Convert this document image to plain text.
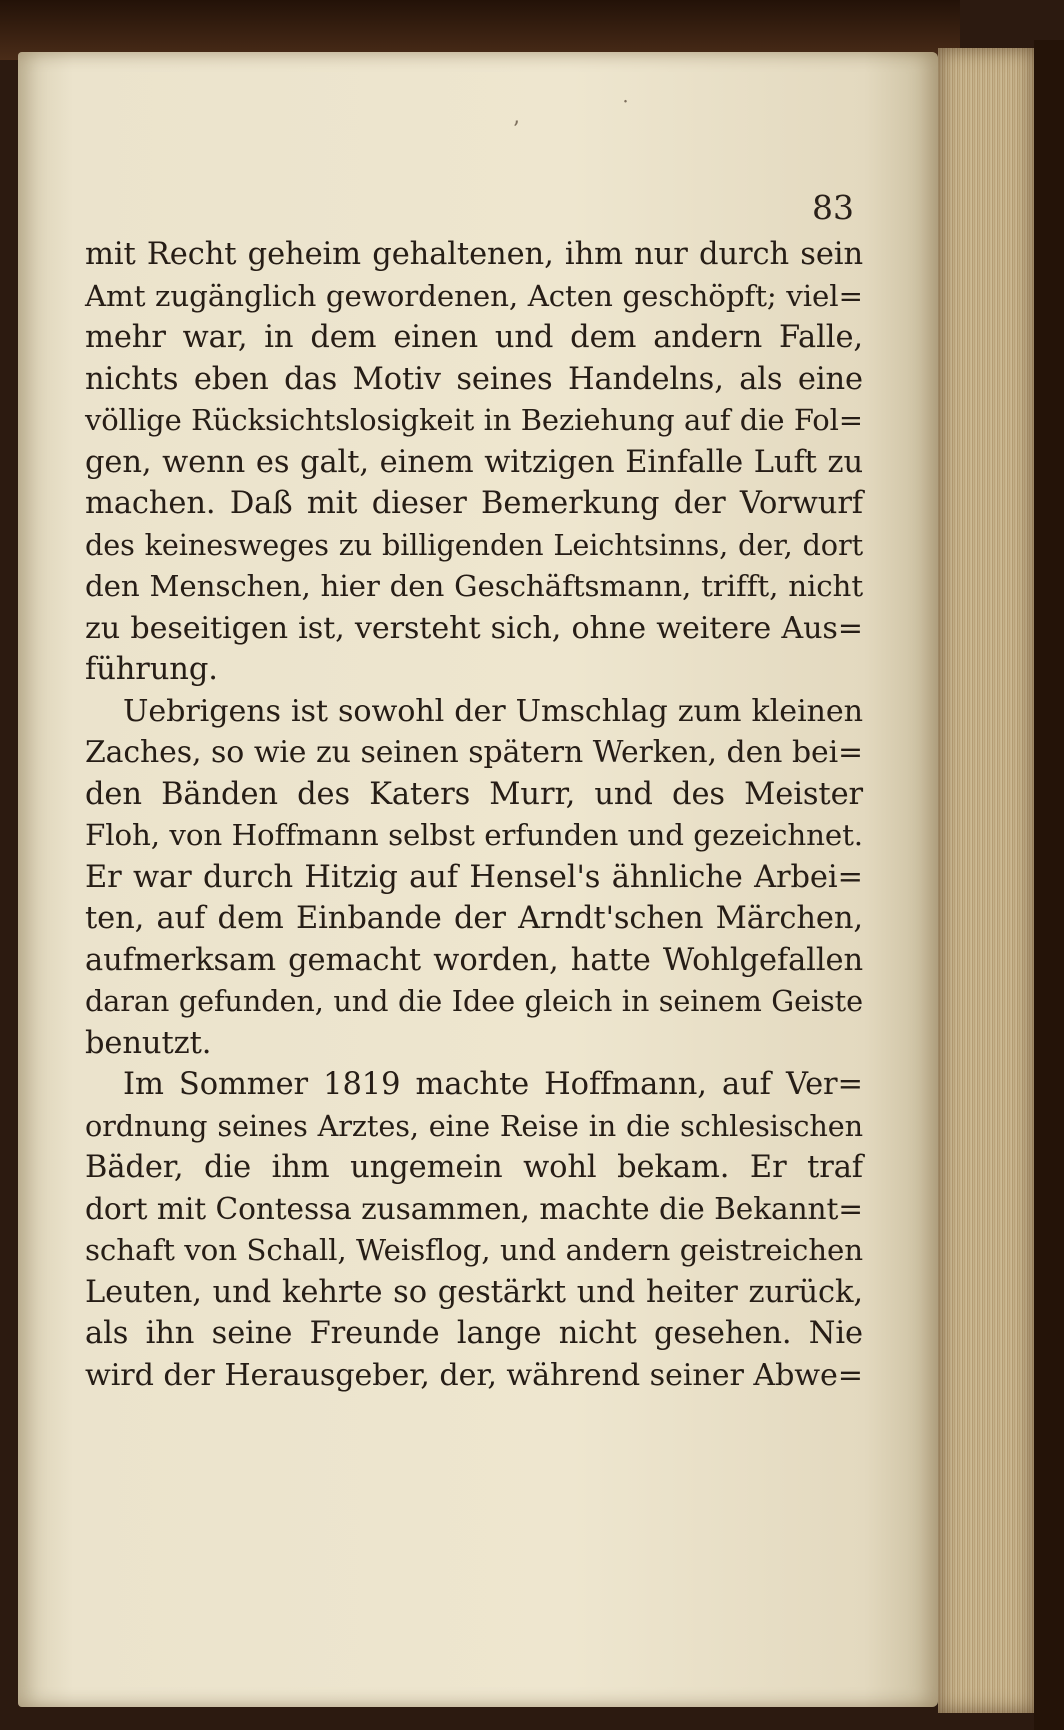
ʼ
˙
83
mit Recht geheim gehaltenen, ihm nur durch sein
Amt zugänglich gewordenen, Acten geschöpft; viel=
mehr war, in dem einen und dem andern Falle,
nichts eben das Motiv seines Handelns, als eine
völlige Rücksichtslosigkeit in Beziehung auf die Fol=
gen, wenn es galt, einem witzigen Einfalle Luft zu
machen. Daß mit dieser Bemerkung der Vorwurf
des keinesweges zu billigenden Leichtsinns, der, dort
den Menschen, hier den Geschäftsmann, trifft, nicht
zu beseitigen ist, versteht sich, ohne weitere Aus=
führung.
Uebrigens ist sowohl der Umschlag zum kleinen
Zaches, so wie zu seinen spätern Werken, den bei=
den Bänden des Katers Murr, und des Meister
Floh, von Hoffmann selbst erfunden und gezeichnet.
Er war durch Hitzig auf Hensel's ähnliche Arbei=
ten, auf dem Einbande der Arndt'schen Märchen,
aufmerksam gemacht worden, hatte Wohlgefallen
daran gefunden, und die Idee gleich in seinem Geiste
benutzt.
Im Sommer 1819 machte Hoffmann, auf Ver=
ordnung seines Arztes, eine Reise in die schlesischen
Bäder, die ihm ungemein wohl bekam. Er traf
dort mit Contessa zusammen, machte die Bekannt=
schaft von Schall, Weisflog, und andern geistreichen
Leuten, und kehrte so gestärkt und heiter zurück,
als ihn seine Freunde lange nicht gesehen. Nie
wird der Herausgeber, der, während seiner Abwe=
